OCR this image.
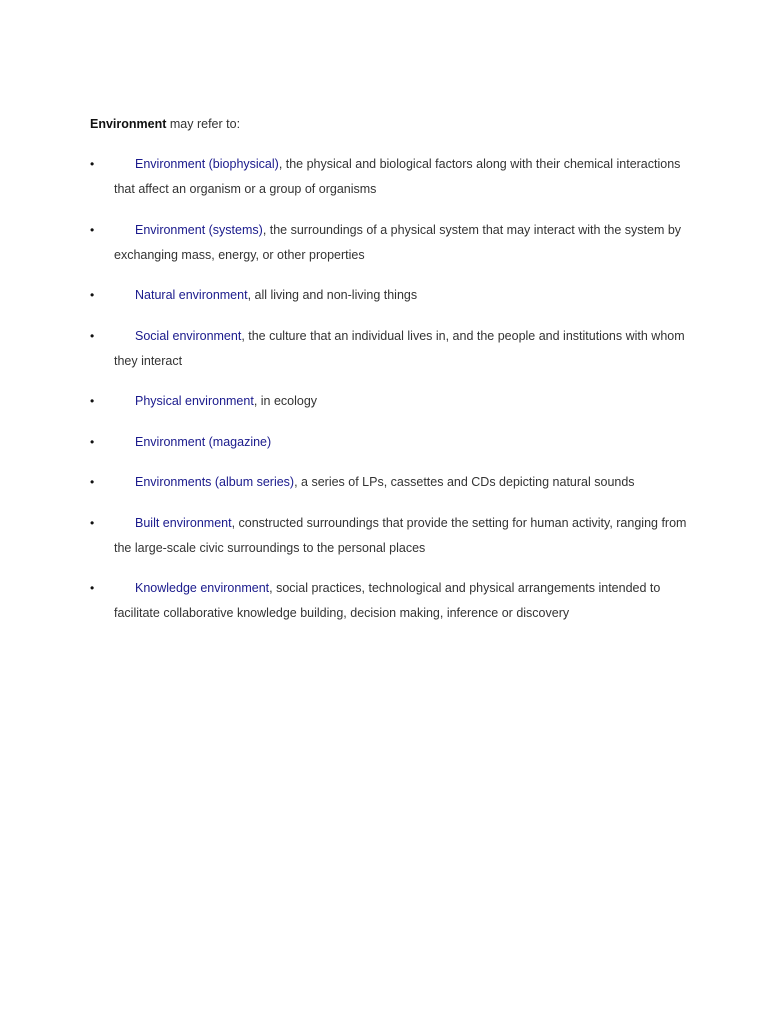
Environment may refer to:
•	Environment (biophysical), the physical and biological factors along with their chemical interactions that affect an organism or a group of organisms
•	Environment (systems), the surroundings of a physical system that may interact with the system by exchanging mass, energy, or other properties
•	Natural environment, all living and non-living things
•	Social environment, the culture that an individual lives in, and the people and institutions with whom they interact
•	Physical environment, in ecology
•	Environment (magazine)
•	Environments (album series), a series of LPs, cassettes and CDs depicting natural sounds
•	Built environment, constructed surroundings that provide the setting for human activity, ranging from the large-scale civic surroundings to the personal places
•	Knowledge environment, social practices, technological and physical arrangements intended to facilitate collaborative knowledge building, decision making, inference or discovery
